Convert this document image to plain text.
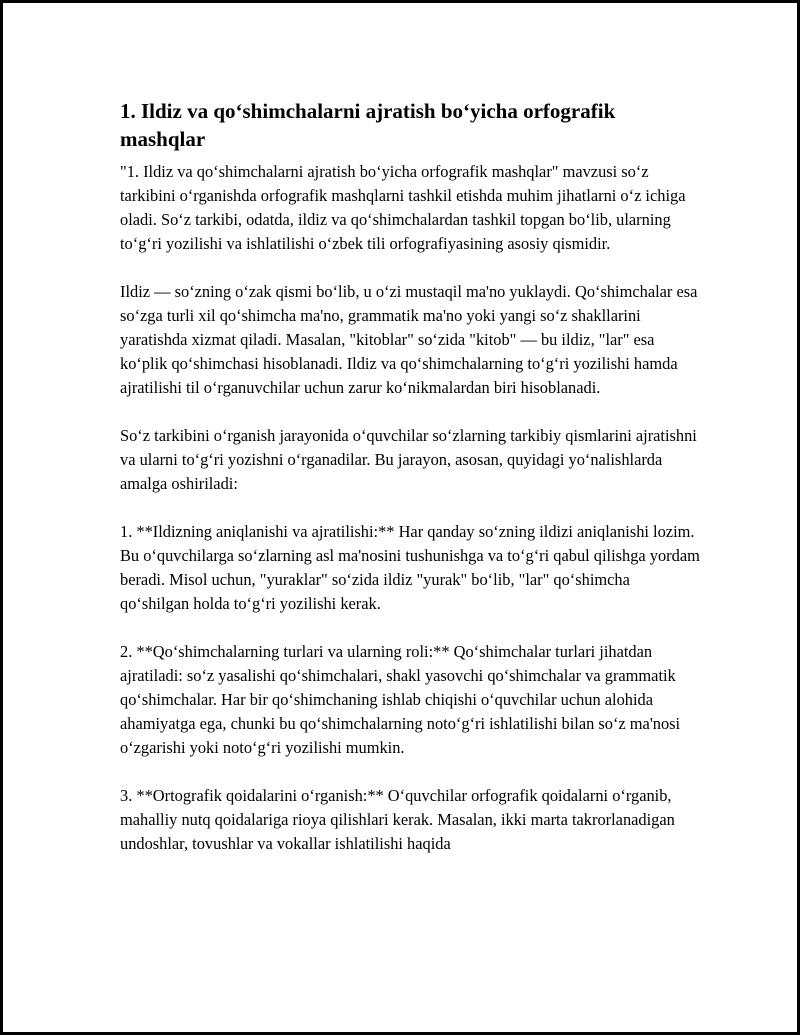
1. Ildiz va qo‘shimchalarni ajratish bo‘yicha orfografik mashqlar

"1. Ildiz va qo‘shimchalarni ajratish bo‘yicha orfografik mashqlar" mavzusi so‘z tarkibini o‘rganishda orfografik mashqlarni tashkil etishda muhim jihatlarni o‘z ichiga oladi. So‘z tarkibi, odatda, ildiz va qo‘shimchalardan tashkil topgan bo‘lib, ularning to‘g‘ri yozilishi va ishlatilishi o‘zbek tili orfografiyasining asosiy qismidir.

Ildiz — so‘zning o‘zak qismi bo‘lib, u o‘zi mustaqil ma'no yuklaydi. Qo‘shimchalar esa so‘zga turli xil qo‘shimcha ma'no, grammatik ma'no yoki yangi so‘z shakllarini yaratishda xizmat qiladi. Masalan, "kitoblar" so‘zida "kitob" — bu ildiz, "lar" esa ko‘plik qo‘shimchasi hisoblanadi. Ildiz va qo‘shimchalarning to‘g‘ri yozilishi hamda ajratilishi til o‘rganuvchilar uchun zarur ko‘nikmalardan biri hisoblanadi.

So‘z tarkibini o‘rganish jarayonida o‘quvchilar so‘zlarning tarkibiy qismlarini ajratishni va ularni to‘g‘ri yozishni o‘rganadilar. Bu jarayon, asosan, quyidagi yo‘nalishlarda amalga oshiriladi:

1. **Ildizning aniqlanishi va ajratilishi:** Har qanday so‘zning ildizi aniqlanishi lozim. Bu o‘quvchilarga so‘zlarning asl ma'nosini tushunishga va to‘g‘ri qabul qilishga yordam beradi. Misol uchun, "yuraklar" so‘zida ildiz "yurak" bo‘lib, "lar" qo‘shimcha qo‘shilgan holda to‘g‘ri yozilishi kerak.

2. **Qo‘shimchalarning turlari va ularning roli:** Qo‘shimchalar turlari jihatdan ajratiladi: so‘z yasalishi qo‘shimchalari, shakl yasovchi qo‘shimchalar va grammatik qo‘shimchalar. Har bir qo‘shimchaning ishlab chiqishi o‘quvchilar uchun alohida ahamiyatga ega, chunki bu qo‘shimchalarning noto‘g‘ri ishlatilishi bilan so‘z ma'nosi o‘zgarishi yoki noto‘g‘ri yozilishi mumkin.

3. **Ortografik qoidalarini o‘rganish:** O‘quvchilar orfografik qoidalarni o‘rganib, mahalliy nutq qoidalariga rioya qilishlari kerak. Masalan, ikki marta takrorlanadigan undoshlar, tovushlar va vokallar ishlatilishi haqida
